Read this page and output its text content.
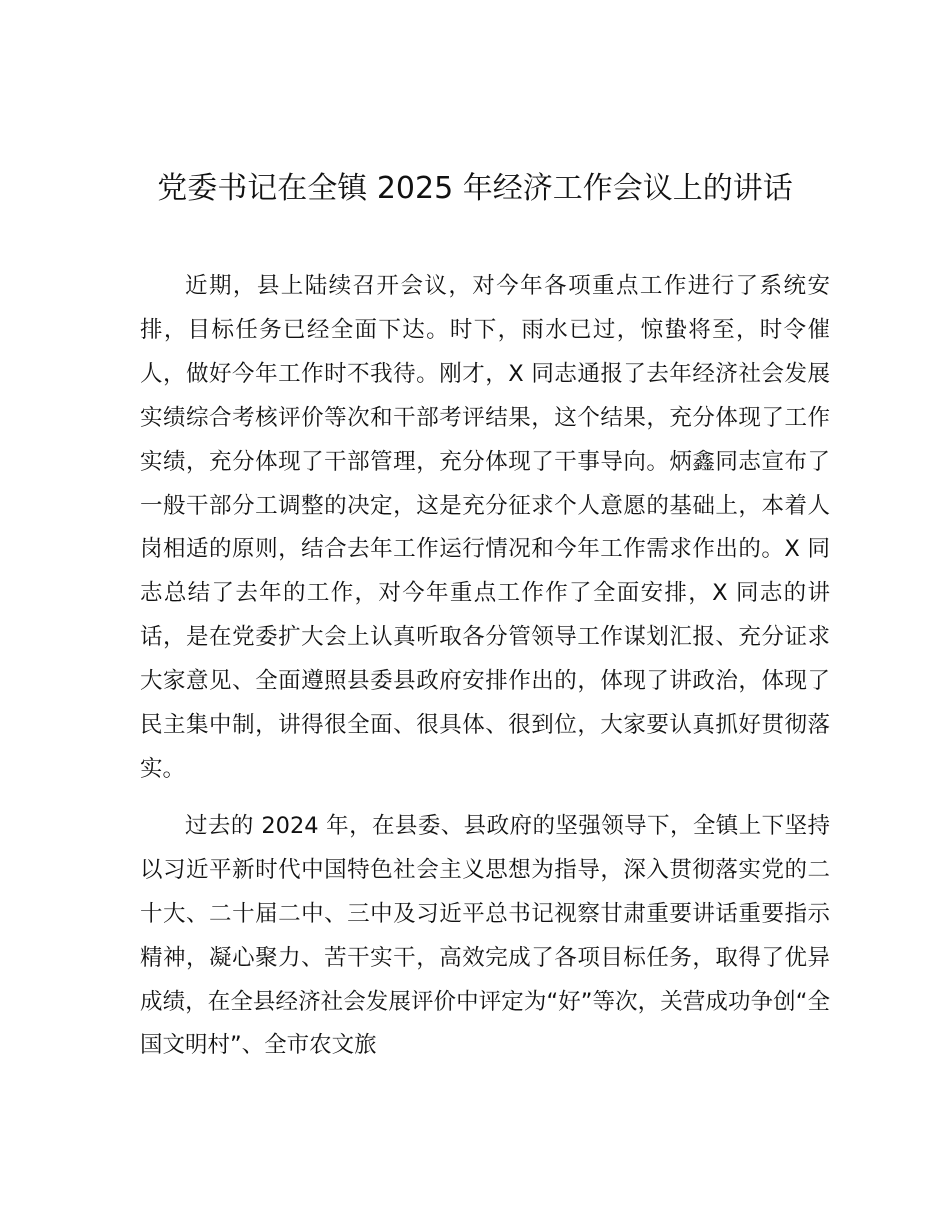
党委书记在全镇 2025 年经济工作会议上的讲话

近期，县上陆续召开会议，对今年各项重点工作进行了系统安排，目标任务已经全面下达。时下，雨水已过，惊蛰将至，时令催人，做好今年工作时不我待。刚才，X 同志通报了去年经济社会发展实绩综合考核评价等次和干部考评结果，这个结果，充分体现了工作实绩，充分体现了干部管理，充分体现了干事导向。炳鑫同志宣布了一般干部分工调整的决定，这是充分征求个人意愿的基础上，本着人岗相适的原则，结合去年工作运行情况和今年工作需求作出的。X 同志总结了去年的工作，对今年重点工作作了全面安排，X 同志的讲话，是在党委扩大会上认真听取各分管领导工作谋划汇报、充分证求大家意见、全面遵照县委县政府安排作出的，体现了讲政治，体现了民主集中制，讲得很全面、很具体、很到位，大家要认真抓好贯彻落实。

过去的 2024 年，在县委、县政府的坚强领导下，全镇上下坚持以习近平新时代中国特色社会主义思想为指导，深入贯彻落实党的二十大、二十届二中、三中及习近平总书记视察甘肃重要讲话重要指示精神，凝心聚力、苦干实干，高效完成了各项目标任务，取得了优异成绩，在全县经济社会发展评价中评定为“好”等次，关营成功争创“全国文明村”、全市农文旅
